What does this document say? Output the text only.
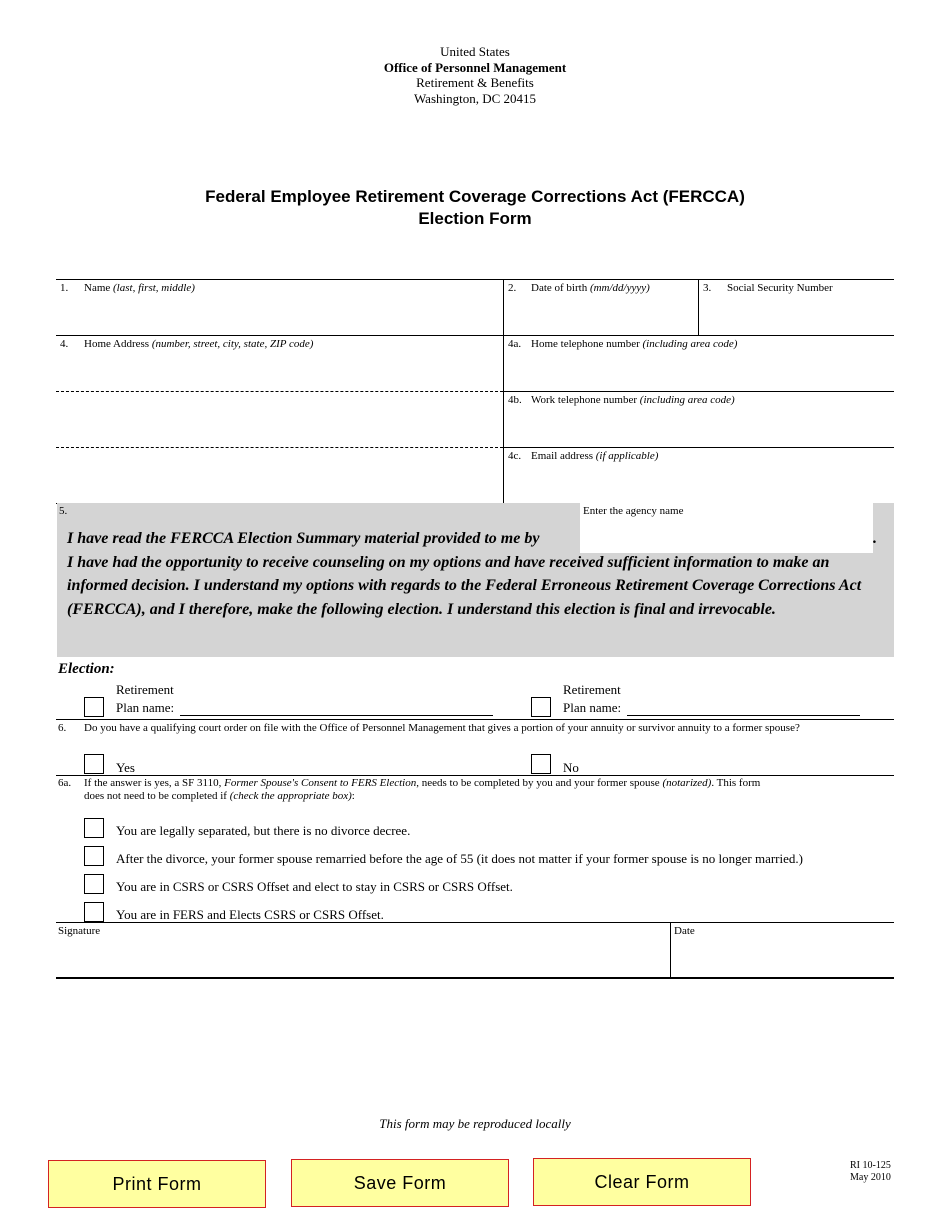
United States
Office of Personnel Management
Retirement & Benefits
Washington, DC 20415
Federal Employee Retirement Coverage Corrections Act (FERCCA)
Election Form
1. Name (last, first, middle)	2. Date of birth (mm/dd/yyyy)	3. Social Security Number
4. Home Address (number, street, city, state, ZIP code)	4a. Home telephone number (including area code)
4b. Work telephone number (including area code)
4c. Email address (if applicable)
5.	Enter the agency name
I have read the FERCCA Election Summary material provided to me by	.
I have had the opportunity to receive counseling on my options and have received sufficient information to make an informed decision. I understand my options with regards to the Federal Erroneous Retirement Coverage Corrections Act (FERCCA), and I therefore, make the following election. I understand this election is final and irrevocable.
Election:
Retirement
Plan name:
Retirement
Plan name:
6. Do you have a qualifying court order on file with the Office of Personnel Management that gives a portion of your annuity or survivor annuity to a former spouse?
Yes	No
6a. If the answer is yes, a SF 3110, Former Spouse's Consent to FERS Election, needs to be completed by you and your former spouse (notarized). This form
does not need to be completed if (check the appropriate box):
You are legally separated, but there is no divorce decree.
After the divorce, your former spouse remarried before the age of 55 (it does not matter if your former spouse is no longer married.)
You are in CSRS or CSRS Offset and elect to stay in CSRS or CSRS Offset.
You are in FERS and Elects CSRS or CSRS Offset.
Signature	Date
This form may be reproduced locally
RI 10-125
May 2010
Print Form	Save Form	Clear Form
